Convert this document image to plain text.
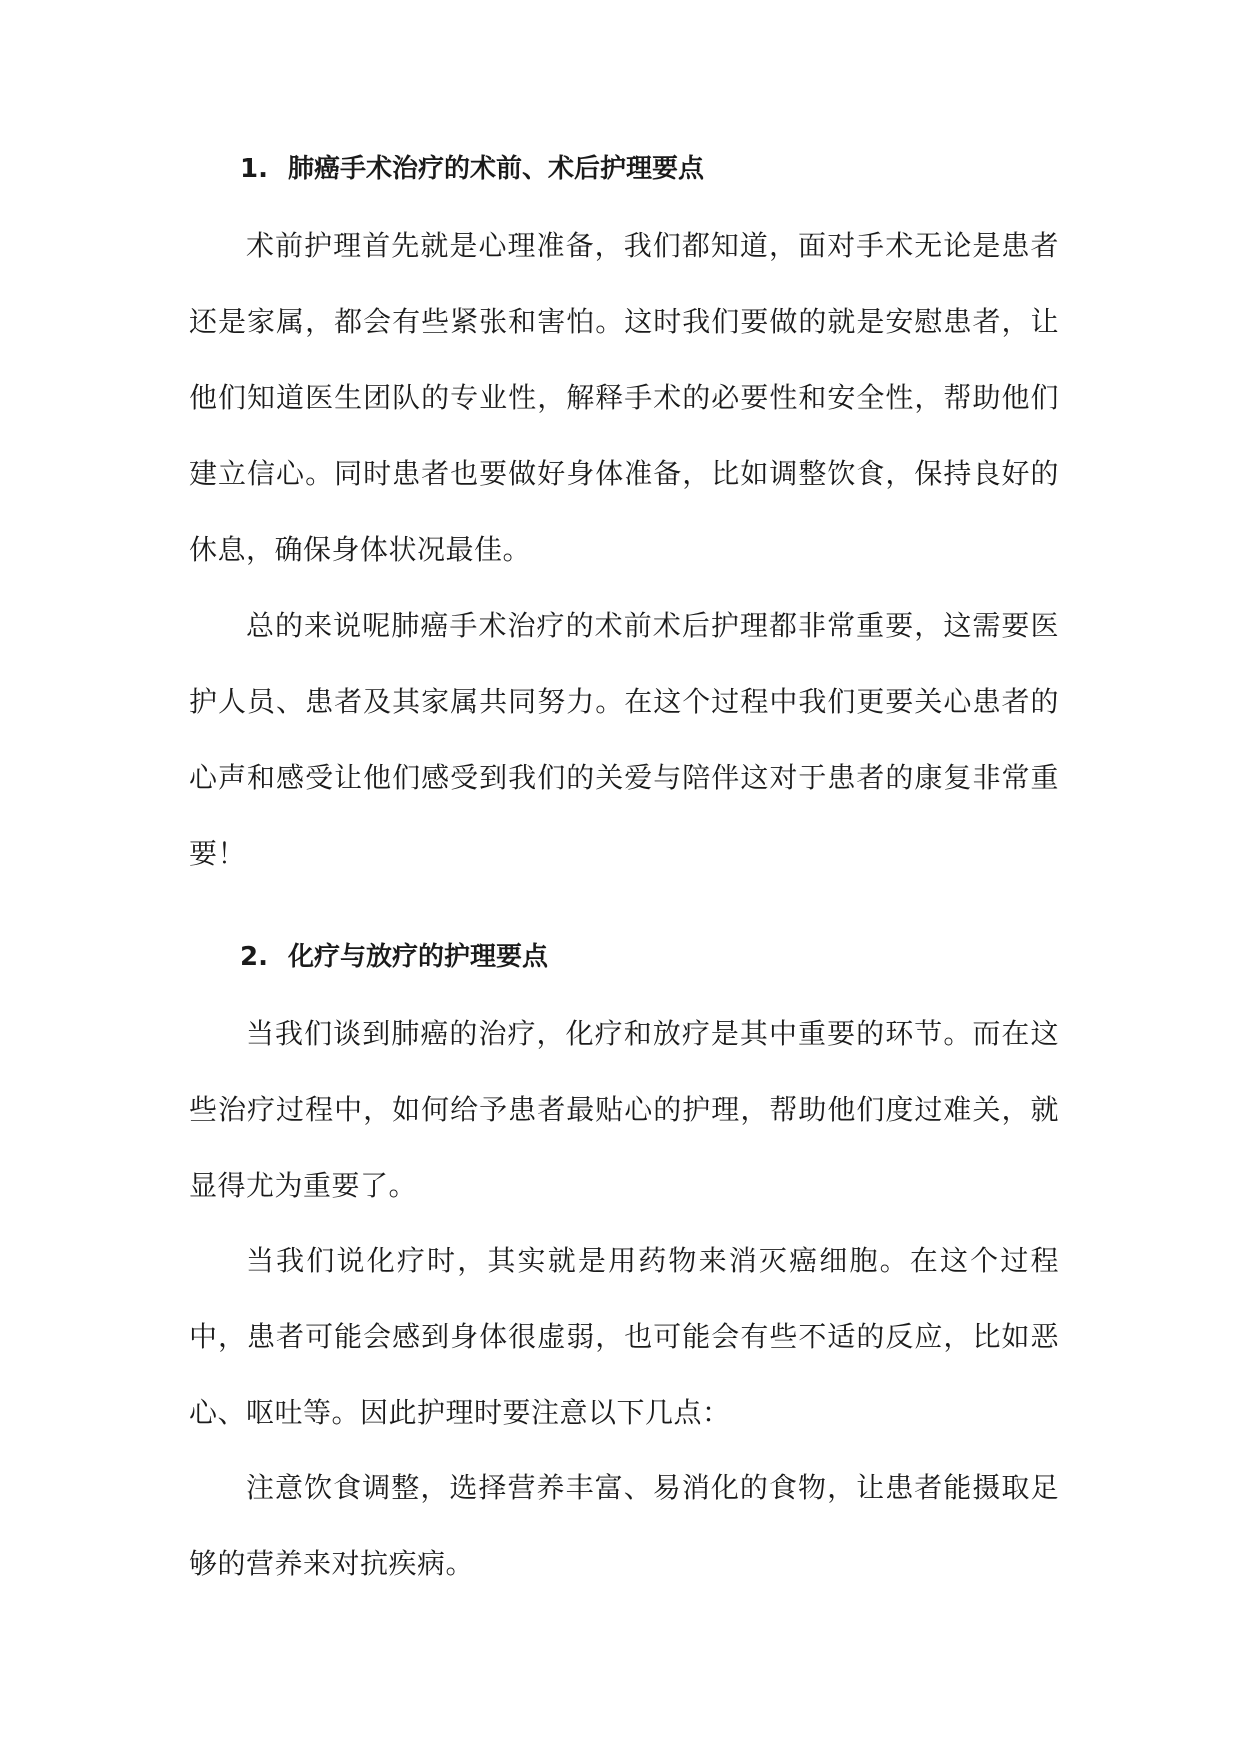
1. 肺癌手术治疗的术前、术后护理要点

术前护理首先就是心理准备，我们都知道，面对手术无论是患者还是家属，都会有些紧张和害怕。这时我们要做的就是安慰患者，让他们知道医生团队的专业性，解释手术的必要性和安全性，帮助他们建立信心。同时患者也要做好身体准备，比如调整饮食，保持良好的休息，确保身体状况最佳。

总的来说呢肺癌手术治疗的术前术后护理都非常重要，这需要医护人员、患者及其家属共同努力。在这个过程中我们更要关心患者的心声和感受让他们感受到我们的关爱与陪伴这对于患者的康复非常重要！

2. 化疗与放疗的护理要点

当我们谈到肺癌的治疗，化疗和放疗是其中重要的环节。而在这些治疗过程中，如何给予患者最贴心的护理，帮助他们度过难关，就显得尤为重要了。

当我们说化疗时，其实就是用药物来消灭癌细胞。在这个过程中，患者可能会感到身体很虚弱，也可能会有些不适的反应，比如恶心、呕吐等。因此护理时要注意以下几点：

注意饮食调整，选择营养丰富、易消化的食物，让患者能摄取足够的营养来对抗疾病。
